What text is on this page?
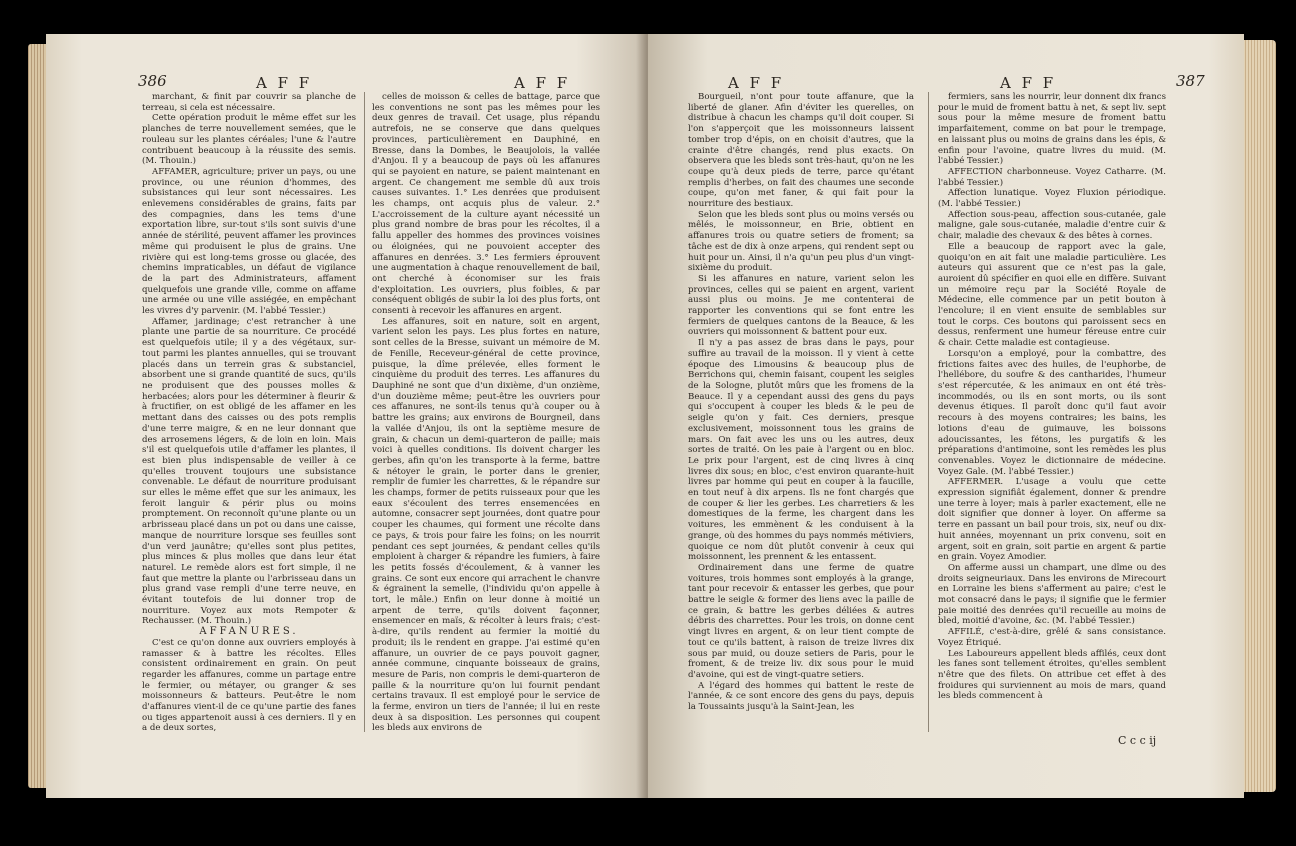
386	A F F	A F F

marchant, & finit par couvrir sa planche de terreau, si cela est nécessaire.

Cette opération produit le même effet sur les planches de terre nouvellement semées, que le rouleau sur les plantes céréales; l'une & l'autre contribuent beaucoup à la réussite des semis. (M. Thouin.)

AFFAMER, agriculture; priver un pays, ou une province, ou une réunion d'hommes, des subsistances qui leur sont nécessaires. Les enlevemens considérables de grains, faits par des compagnies, dans les tems d'une exportation libre, sur-tout s'ils sont suivis d'une année de stérilité, peuvent affamer les provinces même qui produisent le plus de grains. Une rivière qui est long-tems grosse ou glacée, des chemins impraticables, un défaut de vigilance de la part des Administrateurs, affament quelquefois une grande ville, comme on affame une armée ou une ville assiégée, en empêchant les vivres d'y parvenir. (M. l'abbé Tessier.)

Affamer, jardinage; c'est retrancher à une plante une partie de sa nourriture. Ce procédé est quelquefois utile; il y a des végétaux, sur-tout parmi les plantes annuelles, qui se trouvant placés dans un terrein gras & substanciel, absorbent une si grande quantité de sucs, qu'ils ne produisent que des pousses molles & herbacées; alors pour les déterminer à fleurir & à fructifier, on est obligé de les affamer en les mettant dans des caisses ou des pots remplis d'une terre maigre, & en ne leur donnant que des arrosemens légers, & de loin en loin. Mais s'il est quelquefois utile d'affamer les plantes, il est bien plus indispensable de veiller à ce qu'elles trouvent toujours une subsistance convenable. Le défaut de nourriture produisant sur elles le même effet que sur les animaux, les feroit languir & périr plus ou moins promptement. On reconnoît qu'une plante ou un arbrisseau placé dans un pot ou dans une caisse, manque de nourriture lorsque ses feuilles sont d'un verd jaunâtre; qu'elles sont plus petites, plus minces & plus molles que dans leur état naturel. Le remède alors est fort simple, il ne faut que mettre la plante ou l'arbrisseau dans un plus grand vase rempli d'une terre neuve, en évitant toutefois de lui donner trop de nourriture. Voyez aux mots Rempoter & Rechausser. (M. Thouin.)

AFFANURES.

C'est ce qu'on donne aux ouvriers employés à ramasser & à battre les récoltes. Elles consistent ordinairement en grain. On peut regarder les affanures, comme un partage entre le fermier, ou métayer, ou granger & ses moissonneurs & batteurs. Peut-être le nom d'affanures vient-il de ce qu'une partie des fanes ou tiges appartenoit aussi à ces derniers. Il y en a de deux sortes,

celles de moisson & celles de battage, parce que les conventions ne sont pas les mêmes pour les deux genres de travail. Cet usage, plus répandu autrefois, ne se conserve que dans quelques provinces, particulièrement en Dauphiné, en Bresse, dans la Dombes, le Beaujolois, la vallée d'Anjou. Il y a beaucoup de pays où les affanures qui se payoient en nature, se paient maintenant en argent. Ce changement me semble dû aux trois causes suivantes. 1.° Les denrées que produisent les champs, ont acquis plus de valeur. 2.° L'accroissement de la culture ayant nécessité un plus grand nombre de bras pour les récoltes, il a fallu appeller des hommes des provinces voisines ou éloignées, qui ne pouvoient accepter des affanures en denrées. 3.° Les fermiers éprouvent une augmentation à chaque renouvellement de bail, ont cherché à économiser sur les frais d'exploitation. Les ouvriers, plus foibles, & par conséquent obligés de subir la loi des plus forts, ont consenti à recevoir les affanures en argent.

Les affanures, soit en nature, soit en argent, varient selon les pays. Les plus fortes en nature, sont celles de la Bresse, suivant un mémoire de M. de Fenille, Receveur-général de cette province, puisque, la dîme prélevée, elles forment le cinquième du produit des terres. Les affanures du Dauphiné ne sont que d'un dixième, d'un onzième, d'un douzième même; peut-être les ouvriers pour ces affanures, ne sont-ils tenus qu'à couper ou à battre les grains; aux environs de Bourgneil, dans la vallée d'Anjou, ils ont la septième mesure de grain, & chacun un demi-quarteron de paille; mais voici à quelles conditions. Ils doivent charger les gerbes, afin qu'on les transporte à la ferme, battre & nétoyer le grain, le porter dans le grenier, remplir de fumier les charrettes, & le répandre sur les champs, former de petits ruisseaux pour que les eaux s'écoulent des terres ensemencées en automne, consacrer sept journées, dont quatre pour couper les chaumes, qui forment une récolte dans ce pays, & trois pour faire les foins; on les nourrit pendant ces sept journées, & pendant celles qu'ils emploient à charger & répandre les fumiers, à faire les petits fossés d'écoulement, & à vanner les grains. Ce sont eux encore qui arrachent le chanvre & égrainent la semelle, (l'individu qu'on appelle à tort, le mâle.) Enfin on leur donne à moitié un arpent de terre, qu'ils doivent façonner, ensemencer en maïs, & récolter à leurs frais; c'est-à-dire, qu'ils rendent au fermier la moitié du produit; ils le rendent en grappe. J'ai estimé qu'en affanure, un ouvrier de ce pays pouvoit gagner, année commune, cinquante boisseaux de grains, mesure de Paris, non compris le demi-quarteron de paille & la nourriture qu'on lui fournit pendant certains travaux. Il est employé pour le service de la ferme, environ un tiers de l'année; il lui en reste deux à sa disposition. Les personnes qui coupent les bleds aux environs de

A F F	A F F	387

Bourgueil, n'ont pour toute affanure, que la liberté de glaner. Afin d'éviter les querelles, on distribue à chacun les champs qu'il doit couper. Si l'on s'apperçoit que les moissonneurs laissent tomber trop d'épis, on en choisit d'autres, que la crainte d'être changés, rend plus exacts. On observera que les bleds sont très-haut, qu'on ne les coupe qu'à deux pieds de terre, parce qu'étant remplis d'herbes, on fait des chaumes une seconde coupe, qu'on met faner, & qui fait pour la nourriture des bestiaux.

Selon que les bleds sont plus ou moins versés ou mêlés, le moissonneur, en Brie, obtient en affanures trois ou quatre setiers de froment; sa tâche est de dix à onze arpens, qui rendent sept ou huit pour un. Ainsi, il n'a qu'un peu plus d'un vingt-sixième du produit.

Si les affanures en nature, varient selon les provinces, celles qui se paient en argent, varient aussi plus ou moins. Je me contenterai de rapporter les conventions qui se font entre les fermiers de quelques cantons de la Beauce, & les ouvriers qui moissonnent & battent pour eux.

Il n'y a pas assez de bras dans le pays, pour suffire au travail de la moisson. Il y vient à cette époque des Limousins & beaucoup plus de Berrichons qui, chemin faisant, coupent les seigles de la Sologne, plutôt mûrs que les fromens de la Beauce. Il y a cependant aussi des gens du pays qui s'occupent à couper les bleds & le peu de seigle qu'on y fait. Ces derniers, presque exclusivement, moissonnent tous les grains de mars. On fait avec les uns ou les autres, deux sortes de traité. On les paie à l'argent ou en bloc. Le prix pour l'argent, est de cinq livres à cinq livres dix sous; en bloc, c'est environ quarante-huit livres par homme qui peut en couper à la faucille, en tout neuf à dix arpens. Ils ne font chargés que de couper & lier les gerbes. Les charretiers & les domestiques de la ferme, les chargent dans les voitures, les emmènent & les conduisent à la grange, où des hommes du pays nommés métiviers, quoique ce nom dût plutôt convenir à ceux qui moissonnent, les prennent & les entassent.

Ordinairement dans une ferme de quatre voitures, trois hommes sont employés à la grange, tant pour recevoir & entasser les gerbes, que pour battre le seigle & former des liens avec la paille de ce grain, & battre les gerbes déliées & autres débris des charrettes. Pour les trois, on donne cent vingt livres en argent, & on leur tient compte de tout ce qu'ils battent, à raison de treize livres dix sous par muid, ou douze setiers de Paris, pour le froment, & de treize liv. dix sous pour le muid d'avoine, qui est de vingt-quatre setiers.

A l'égard des hommes qui battent le reste de l'année, & ce sont encore des gens du pays, depuis la Toussaints jusqu'à la Saint-Jean, les

fermiers, sans les nourrir, leur donnent dix francs pour le muid de froment battu à net, & sept liv. sept sous pour la même mesure de froment battu imparfaitement, comme on bat pour le trempage, en laissant plus ou moins de grains dans les épis, & enfin pour l'avoine, quatre livres du muid. (M. l'abbé Tessier.)

AFFECTION charbonneuse. Voyez Catharre. (M. l'abbé Tessier.)

Affection lunatique. Voyez Fluxion périodique. (M. l'abbé Tessier.)

Affection sous-peau, affection sous-cutanée, gale maligne, gale sous-cutanée, maladie d'entre cuir & chair, maladie des chevaux & des bêtes à cornes.

Elle a beaucoup de rapport avec la gale, quoiqu'on en ait fait une maladie particulière. Les auteurs qui assurent que ce n'est pas la gale, auroient dû spécifier en quoi elle en diffère. Suivant un mémoire reçu par la Société Royale de Médecine, elle commence par un petit bouton à l'encolure; il en vient ensuite de semblables sur tout le corps. Ces boutons qui paroissent secs en dessus, renferment une humeur féreuse entre cuir & chair. Cette maladie est contagieuse.

Lorsqu'on a employé, pour la combattre, des frictions faites avec des huiles, de l'euphorbe, de l'hellébore, du soufre & des cantharides, l'humeur s'est répercutée, & les animaux en ont été très-incommodés, ou ils en sont morts, ou ils sont devenus étiques. Il paroît donc qu'il faut avoir recours à des moyens contraires; les bains, les lotions d'eau de guimauve, les boissons adoucissantes, les fétons, les purgatifs & les préparations d'antimoine, sont les remèdes les plus convenables. Voyez le dictionnaire de médecine. Voyez Gale. (M. l'abbé Tessier.)

AFFERMER. L'usage a voulu que cette expression signifiât également, donner & prendre une terre à loyer; mais à parler exactement, elle ne doit signifier que donner à loyer. On afferme sa terre en passant un bail pour trois, six, neuf ou dix-huit années, moyennant un prix convenu, soit en argent, soit en grain, soit partie en argent & partie en grain. Voyez Amodier.

On afferme aussi un champart, une dîme ou des droits seigneuriaux. Dans les environs de Mirecourt en Lorraine les biens s'afferment au paire; c'est le mot consacré dans le pays; il signifie que le fermier paie moitié des denrées qu'il recueille au moins de bled, moitié d'avoine, &c. (M. l'abbé Tessier.)

AFFILÉ, c'est-à-dire, grêlé & sans consistance. Voyez Étriqué.

Les Laboureurs appellent bleds affilés, ceux dont les fanes sont tellement étroites, qu'elles semblent n'être que des filets. On attribue cet effet à des froidures qui surviennent au mois de mars, quand les bleds commencent à

C c c ij
